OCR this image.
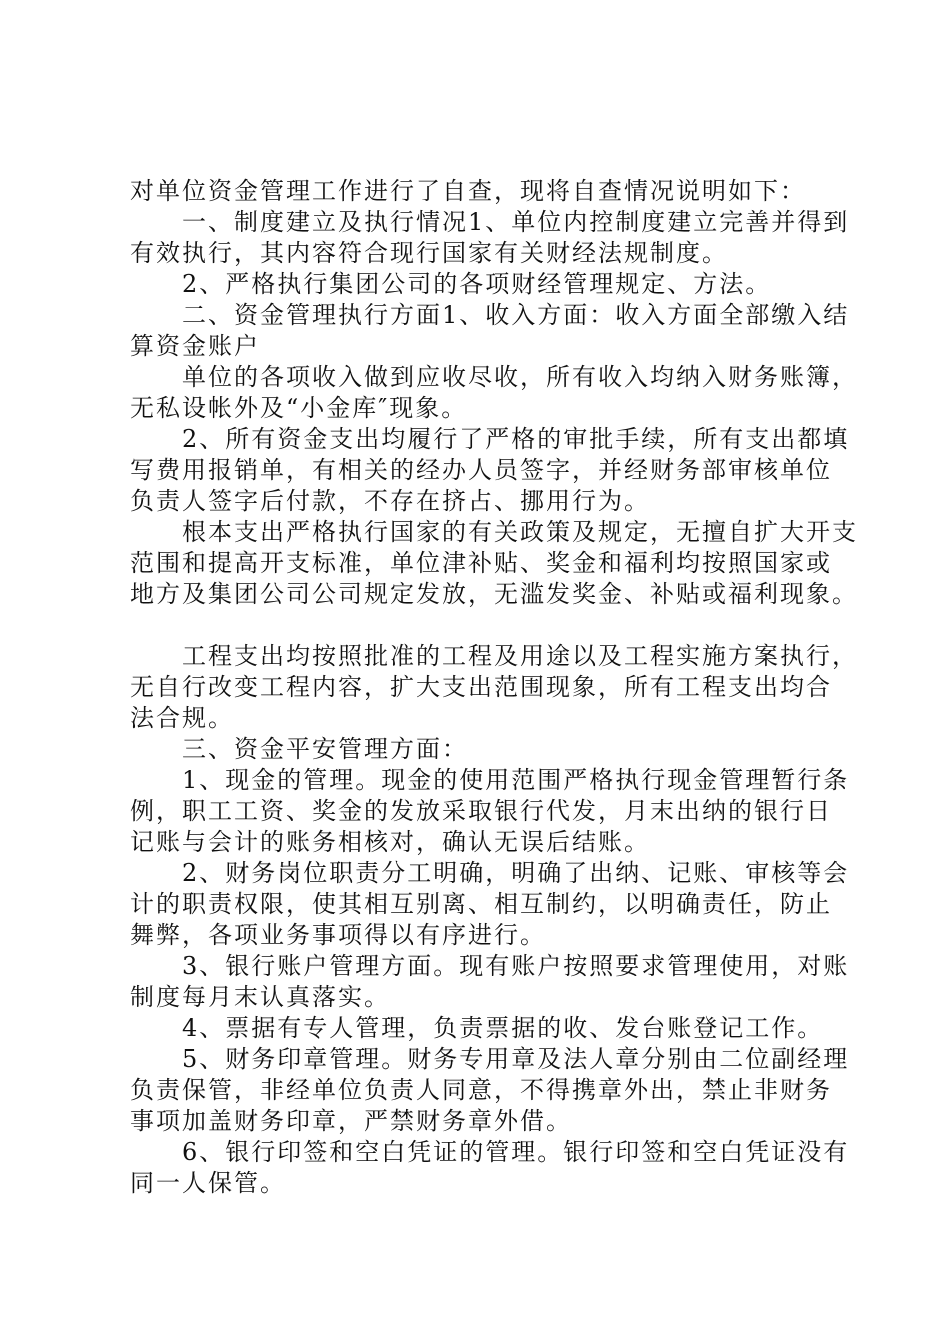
对单位资金管理工作进行了自查，现将自查情况说明如下：
一、制度建立及执行情况1、单位内控制度建立完善并得到
有效执行，其内容符合现行国家有关财经法规制度。
2、严格执行集团公司的各项财经管理规定、方法。
二、资金管理执行方面1、收入方面：收入方面全部缴入结
算资金账户
单位的各项收入做到应收尽收，所有收入均纳入财务账簿，
无私设帐外及“小金库″现象。
2、所有资金支出均履行了严格的审批手续，所有支出都填
写费用报销单，有相关的经办人员签字，并经财务部审核单位
负责人签字后付款，不存在挤占、挪用行为。
根本支出严格执行国家的有关政策及规定，无擅自扩大开支
范围和提高开支标准，单位津补贴、奖金和福利均按照国家或
地方及集团公司公司规定发放，无滥发奖金、补贴或福利现象。
工程支出均按照批准的工程及用途以及工程实施方案执行，
无自行改变工程内容，扩大支出范围现象，所有工程支出均合
法合规。
三、资金平安管理方面：
1、现金的管理。现金的使用范围严格执行现金管理暂行条
例，职工工资、奖金的发放采取银行代发，月末出纳的银行日
记账与会计的账务相核对，确认无误后结账。
2、财务岗位职责分工明确，明确了出纳、记账、审核等会
计的职责权限，使其相互别离、相互制约，以明确责任，防止
舞弊，各项业务事项得以有序进行。
3、银行账户管理方面。现有账户按照要求管理使用，对账
制度每月末认真落实。
4、票据有专人管理，负责票据的收、发台账登记工作。
5、财务印章管理。财务专用章及法人章分别由二位副经理
负责保管，非经单位负责人同意，不得携章外出，禁止非财务
事项加盖财务印章，严禁财务章外借。
6、银行印签和空白凭证的管理。银行印签和空白凭证没有
同一人保管。
